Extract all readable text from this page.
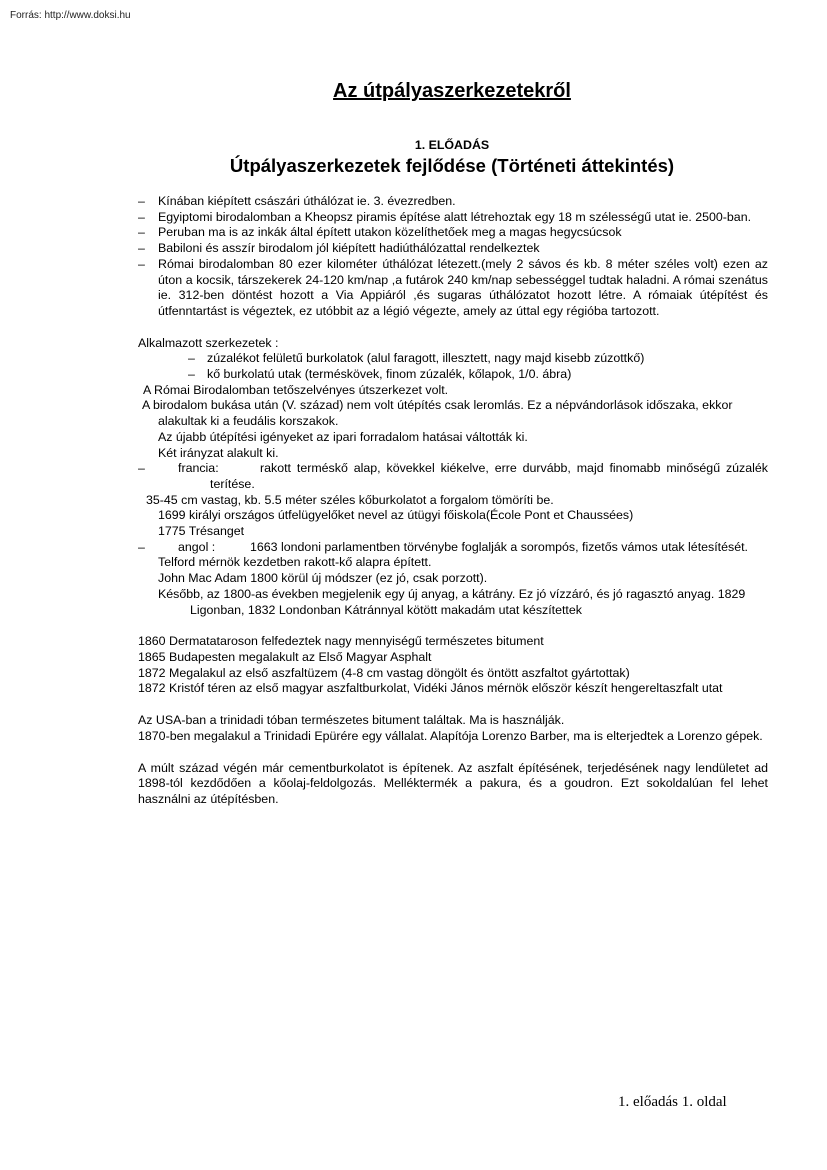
Forrás: http://www.doksi.hu
Az útpályaszerkezetekről
1. ELŐADÁS
Útpályaszerkezetek fejlődése (Történeti áttekintés)

– Kínában kiépített császári úthálózat ie. 3. évezredben.

– Egyiptomi birodalomban a Kheopsz piramis építése alatt létrehoztak egy 18 m szélességű utat ie. 2500-ban.

– Peruban ma is az inkák által épített utakon közelíthetőek meg a magas hegycsúcsok

– Babiloni és asszír birodalom jól kiépített hadiúthálózattal rendelkeztek

– Római birodalomban 80 ezer kilométer úthálózat létezett.(mely 2 sávos és kb. 8 méter széles volt) ezen az úton a kocsik, társzekerek 24-120 km/nap ,a futárok 240 km/nap sebességgel tudtak haladni. A római szenátus ie. 312-ben döntést hozott a Via Appiáról ,és sugaras úthálózatot hozott létre. A rómaiak útépítést és útfenntartást is végeztek, ez utóbbit az a légió végezte, amely az úttal egy régióba tartozott.

Alkalmazott szerkezetek :

– zúzalékot felületű burkolatok (alul faragott, illesztett, nagy majd kisebb zúzottkő)

– kő burkolatú utak (terméskövek, finom zúzalék, kőlapok, 1/0. ábra)

A Római Birodalomban tetőszelvényes útszerkezet volt.

A birodalom bukása után (V. század) nem volt útépítés csak leromlás. Ez a népvándorlások időszaka, ekkor alakultak ki a feudális korszakok.

Az újabb útépítési igényeket az ipari forradalom hatásai váltották ki.

Két irányzat alakult ki.

– francia:	rakott terméskő alap, kövekkel kiékelve, erre durvább, majd finomabb minőségű zúzalék terítése.

35-45 cm vastag, kb. 5.5 méter széles kőburkolatot a forgalom tömöríti be.

1699 királyi országos útfelügyelőket nevel az útügyi főiskola(École Pont et Chaussées)

1775 Trésanget

– angol :	1663 londoni parlamentben törvénybe foglalják a sorompós, fizetős vámos utak létesítését.

Telford mérnök kezdetben rakott-kő alapra épített.

John Mac Adam 1800 körül új módszer (ez jó, csak porzott).

Később, az 1800-as években megjelenik egy új anyag, a kátrány. Ez jó vízzáró, és jó ragasztó anyag. 1829 Ligonban, 1832 Londonban Kátránnyal kötött makadám utat készítettek

1860 Dermatataroson felfedeztek nagy mennyiségű természetes bitument

1865 Budapesten megalakult az Első Magyar Asphalt

1872 Megalakul az első aszfaltüzem (4-8 cm vastag döngölt és öntött aszfaltot gyártottak)

1872 Kristóf téren az első magyar aszfaltburkolat, Vidéki János mérnök először készít hengereltaszfalt utat

Az USA-ban a trinidadi tóban természetes bitument találtak. Ma is használják.

1870-ben megalakul a Trinidadi Epürére egy vállalat. Alapítója Lorenzo Barber, ma is elterjedtek a Lorenzo gépek.

A múlt század végén már cementburkolatot is építenek. Az aszfalt építésének, terjedésének nagy lendületet ad 1898-tól kezdődően a kőolaj-feldolgozás. Melléktermék a pakura, és a goudron. Ezt sokoldalúan fel lehet használni az útépítésben.

1. előadás 1. oldal
